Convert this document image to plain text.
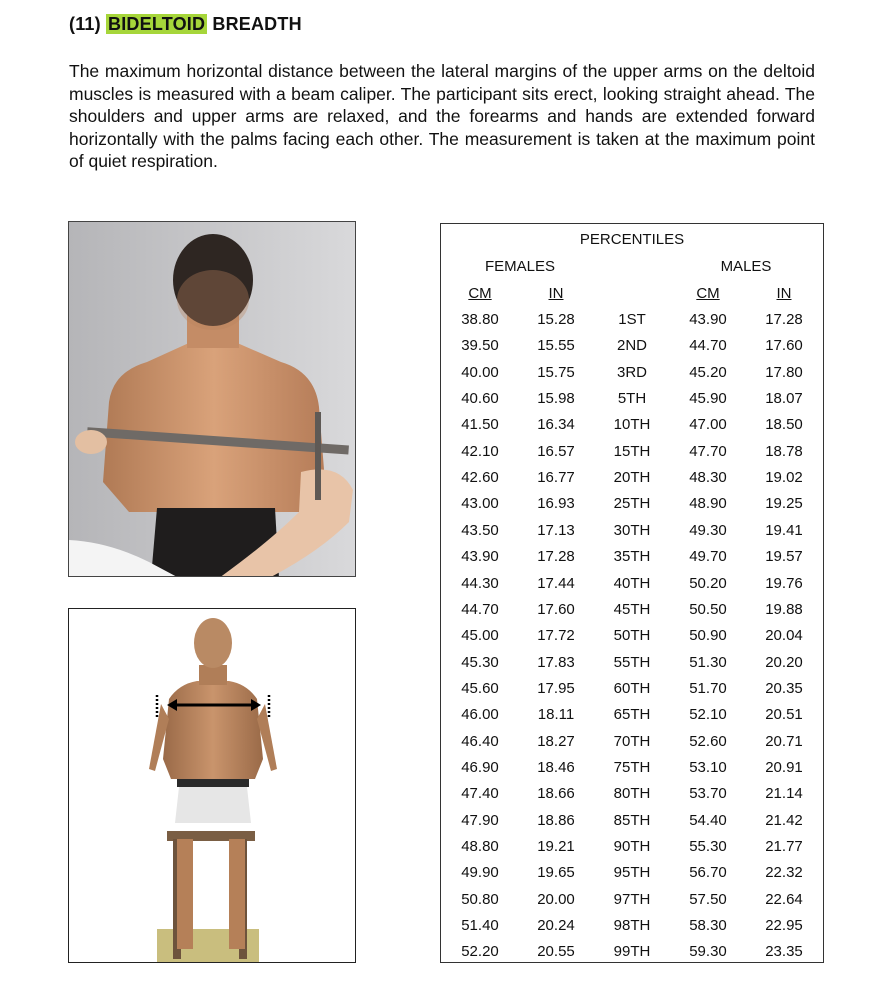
(11) BIDELTOID BREADTH
The maximum horizontal distance between the lateral margins of the upper arms on the deltoid muscles is measured with a beam caliper. The participant sits erect, looking straight ahead. The shoulders and upper arms are relaxed, and the forearms and hands are extended forward horizontally with the palms facing each other. The measurement is taken at the maximum point of quiet respiration.
PERCENTILES
FEMALES	MALES
CM	IN	CM	IN
38.80	15.28	1ST	43.90	17.28
39.50	15.55	2ND	44.70	17.60
40.00	15.75	3RD	45.20	17.80
40.60	15.98	5TH	45.90	18.07
41.50	16.34	10TH	47.00	18.50
42.10	16.57	15TH	47.70	18.78
42.60	16.77	20TH	48.30	19.02
43.00	16.93	25TH	48.90	19.25
43.50	17.13	30TH	49.30	19.41
43.90	17.28	35TH	49.70	19.57
44.30	17.44	40TH	50.20	19.76
44.70	17.60	45TH	50.50	19.88
45.00	17.72	50TH	50.90	20.04
45.30	17.83	55TH	51.30	20.20
45.60	17.95	60TH	51.70	20.35
46.00	18.11	65TH	52.10	20.51
46.40	18.27	70TH	52.60	20.71
46.90	18.46	75TH	53.10	20.91
47.40	18.66	80TH	53.70	21.14
47.90	18.86	85TH	54.40	21.42
48.80	19.21	90TH	55.30	21.77
49.90	19.65	95TH	56.70	22.32
50.80	20.00	97TH	57.50	22.64
51.40	20.24	98TH	58.30	22.95
52.20	20.55	99TH	59.30	23.35
